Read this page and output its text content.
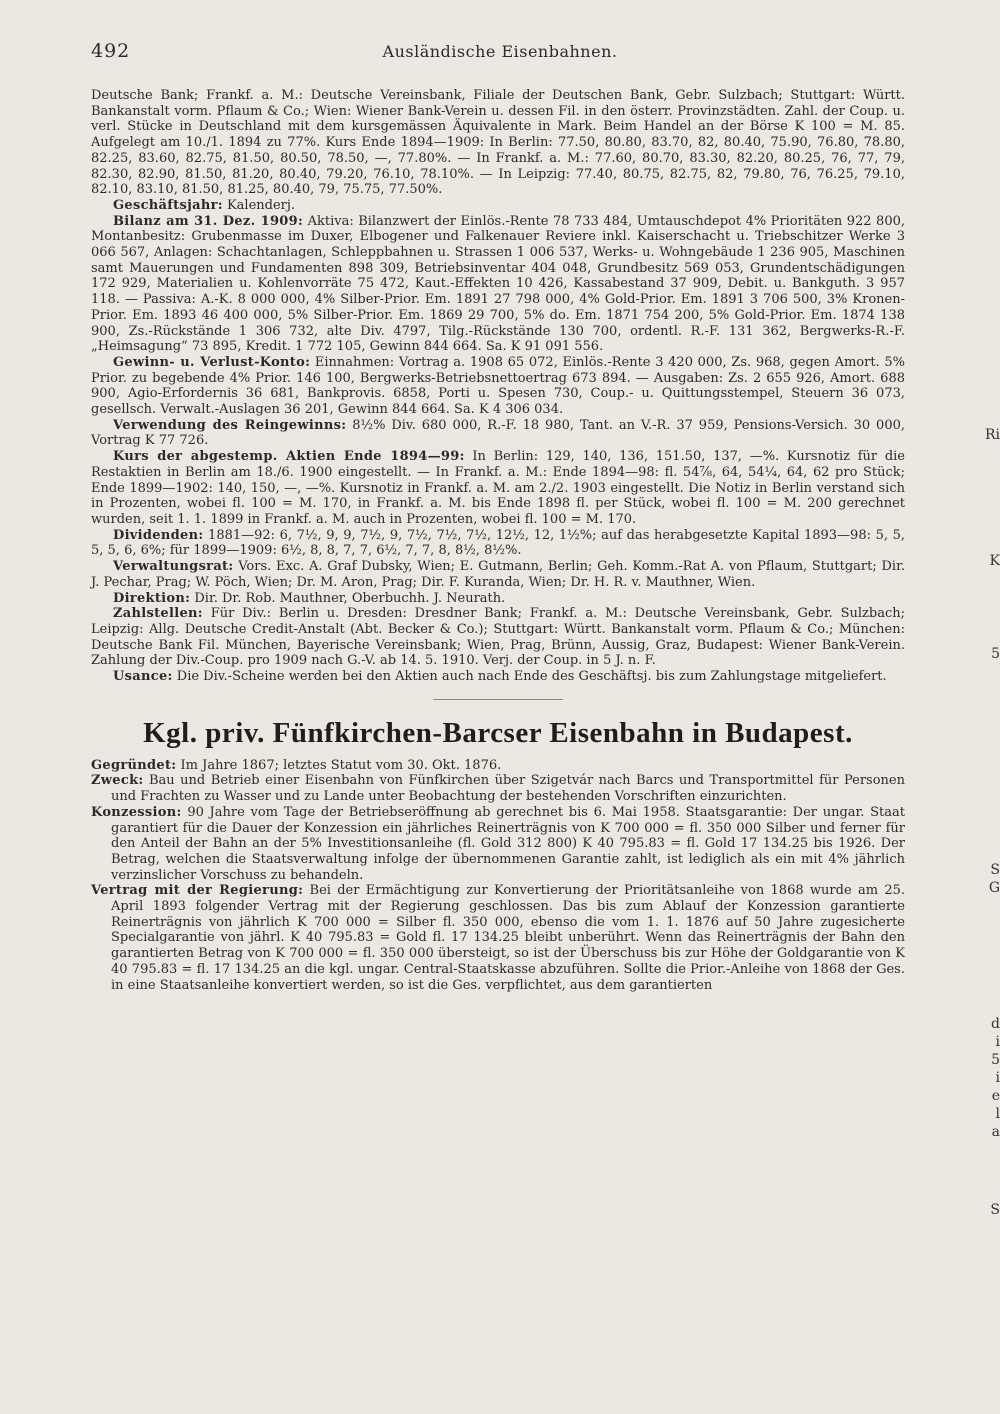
492	Ausländische Eisenbahnen.

Deutsche Bank; Frankf. a. M.: Deutsche Vereinsbank, Filiale der Deutschen Bank, Gebr. Sulzbach; Stuttgart: Württ. Bankanstalt vorm. Pflaum & Co.; Wien: Wiener Bank-Verein u. dessen Fil. in den österr. Provinzstädten. Zahl. der Coup. u. verl. Stücke in Deutschland mit dem kursgemässen Äquivalente in Mark. Beim Handel an der Börse K 100 = M. 85. Aufgelegt am 10./1. 1894 zu 77%. Kurs Ende 1894—1909: In Berlin: 77.50, 80.80, 83.70, 82, 80.40, 75.90, 76.80, 78.80, 82.25, 83.60, 82.75, 81.50, 80.50, 78.50, —, 77.80%. — In Frankf. a. M.: 77.60, 80.70, 83.30, 82.20, 80.25, 76, 77, 79, 82.30, 82.90, 81.50, 81.20, 80.40, 79.20, 76.10, 78.10%. — In Leipzig: 77.40, 80.75, 82.75, 82, 79.80, 76, 76.25, 79.10, 82.10, 83.10, 81.50, 81.25, 80.40, 79, 75.75, 77.50%.

Geschäftsjahr: Kalenderj.

Bilanz am 31. Dez. 1909: Aktiva: Bilanzwert der Einlös.-Rente 78 733 484, Umtauschdepot 4% Prioritäten 922 800, Montanbesitz: Grubenmasse im Duxer, Elbogener und Falkenauer Reviere inkl. Kaiserschacht u. Triebschitzer Werke 3 066 567, Anlagen: Schachtanlagen, Schleppbahnen u. Strassen 1 006 537, Werks- u. Wohngebäude 1 236 905, Maschinen samt Mauerungen und Fundamenten 898 309, Betriebsinventar 404 048, Grundbesitz 569 053, Grundentschädigungen 172 929, Materialien u. Kohlenvorräte 75 472, Kaut.-Effekten 10 426, Kassabestand 37 909, Debit. u. Bankguth. 3 957 118. — Passiva: A.-K. 8 000 000, 4% Silber-Prior. Em. 1891 27 798 000, 4% Gold-Prior. Em. 1891 3 706 500, 3% Kronen-Prior. Em. 1893 46 400 000, 5% Silber-Prior. Em. 1869 29 700, 5% do. Em. 1871 754 200, 5% Gold-Prior. Em. 1874 138 900, Zs.-Rückstände 1 306 732, alte Div. 4797, Tilg.-Rückstände 130 700, ordentl. R.-F. 131 362, Bergwerks-R.-F. „Heimsagung“ 73 895, Kredit. 1 772 105, Gewinn 844 664. Sa. K 91 091 556.

Gewinn- u. Verlust-Konto: Einnahmen: Vortrag a. 1908 65 072, Einlös.-Rente 3 420 000, Zs. 968, gegen Amort. 5% Prior. zu begebende 4% Prior. 146 100, Bergwerks-Betriebsnettoertrag 673 894. — Ausgaben: Zs. 2 655 926, Amort. 688 900, Agio-Erfordernis 36 681, Bankprovis. 6858, Porti u. Spesen 730, Coup.- u. Quittungsstempel, Steuern 36 073, gesellsch. Verwalt.-Auslagen 36 201, Gewinn 844 664. Sa. K 4 306 034.

Verwendung des Reingewinns: 8½% Div. 680 000, R.-F. 18 980, Tant. an V.-R. 37 959, Pensions-Versich. 30 000, Vortrag K 77 726.

Kurs der abgestemp. Aktien Ende 1894—99: In Berlin: 129, 140, 136, 151.50, 137, —%. Kursnotiz für die Restaktien in Berlin am 18./6. 1900 eingestellt. — In Frankf. a. M.: Ende 1894—98: fl. 54⅞, 64, 54¼, 64, 62 pro Stück; Ende 1899—1902: 140, 150, —, —%. Kursnotiz in Frankf. a. M. am 2./2. 1903 eingestellt. Die Notiz in Berlin verstand sich in Prozenten, wobei fl. 100 = M. 170, in Frankf. a. M. bis Ende 1898 fl. per Stück, wobei fl. 100 = M. 200 gerechnet wurden, seit 1. 1. 1899 in Frankf. a. M. auch in Prozenten, wobei fl. 100 = M. 170.

Dividenden: 1881—92: 6, 7½, 9, 9, 7½, 9, 7½, 7½, 7½, 12½, 12, 1½%; auf das herabgesetzte Kapital 1893—98: 5, 5, 5, 5, 6, 6%; für 1899—1909: 6½, 8, 8, 7, 7, 6½, 7, 7, 8, 8½, 8½%.

Verwaltungsrat: Vors. Exc. A. Graf Dubsky, Wien; E. Gutmann, Berlin; Geh. Komm.-Rat A. von Pflaum, Stuttgart; Dir. J. Pechar, Prag; W. Pöch, Wien; Dr. M. Aron, Prag; Dir. F. Kuranda, Wien; Dr. H. R. v. Mauthner, Wien.

Direktion: Dir. Dr. Rob. Mauthner, Oberbuchh. J. Neurath.

Zahlstellen: Für Div.: Berlin u. Dresden: Dresdner Bank; Frankf. a. M.: Deutsche Vereinsbank, Gebr. Sulzbach; Leipzig: Allg. Deutsche Credit-Anstalt (Abt. Becker & Co.); Stuttgart: Württ. Bankanstalt vorm. Pflaum & Co.; München: Deutsche Bank Fil. München, Bayerische Vereinsbank; Wien, Prag, Brünn, Aussig, Graz, Budapest: Wiener Bank-Verein. Zahlung der Div.-Coup. pro 1909 nach G.-V. ab 14. 5. 1910. Verj. der Coup. in 5 J. n. F.

Usance: Die Div.-Scheine werden bei den Aktien auch nach Ende des Geschäftsj. bis zum Zahlungstage mitgeliefert.

Kgl. priv. Fünfkirchen-Barcser Eisenbahn in Budapest.

Gegründet: Im Jahre 1867; letztes Statut vom 30. Okt. 1876.

Zweck: Bau und Betrieb einer Eisenbahn von Fünfkirchen über Szigetvár nach Barcs und Transportmittel für Personen und Frachten zu Wasser und zu Lande unter Beobachtung der bestehenden Vorschriften einzurichten.

Konzession: 90 Jahre vom Tage der Betriebseröffnung ab gerechnet bis 6. Mai 1958. Staatsgarantie: Der ungar. Staat garantiert für die Dauer der Konzession ein jährliches Reinerträgnis von K 700 000 = fl. 350 000 Silber und ferner für den Anteil der Bahn an der 5% Investitionsanleihe (fl. Gold 312 800) K 40 795.83 = fl. Gold 17 134.25 bis 1926. Der Betrag, welchen die Staatsverwaltung infolge der übernommenen Garantie zahlt, ist lediglich als ein mit 4% jährlich verzinslicher Vorschuss zu behandeln.

Vertrag mit der Regierung: Bei der Ermächtigung zur Konvertierung der Prioritätsanleihe von 1868 wurde am 25. April 1893 folgender Vertrag mit der Regierung geschlossen. Das bis zum Ablauf der Konzession garantierte Reinerträgnis von jährlich K 700 000 = Silber fl. 350 000, ebenso die vom 1. 1. 1876 auf 50 Jahre zugesicherte Specialgarantie von jährl. K 40 795.83 = Gold fl. 17 134.25 bleibt unberührt. Wenn das Reinerträgnis der Bahn den garantierten Betrag von K 700 000 = fl. 350 000 übersteigt, so ist der Überschuss bis zur Höhe der Goldgarantie von K 40 795.83 = fl. 17 134.25 an die kgl. ungar. Central-Staatskasse abzuführen. Sollte die Prior.-Anleihe von 1868 der Ges. in eine Staatsanleihe konvertiert werden, so ist die Ges. verpflichtet, aus dem garantierten

Ri
K
5
S
G
d
i
5
i
e
l
a
S
